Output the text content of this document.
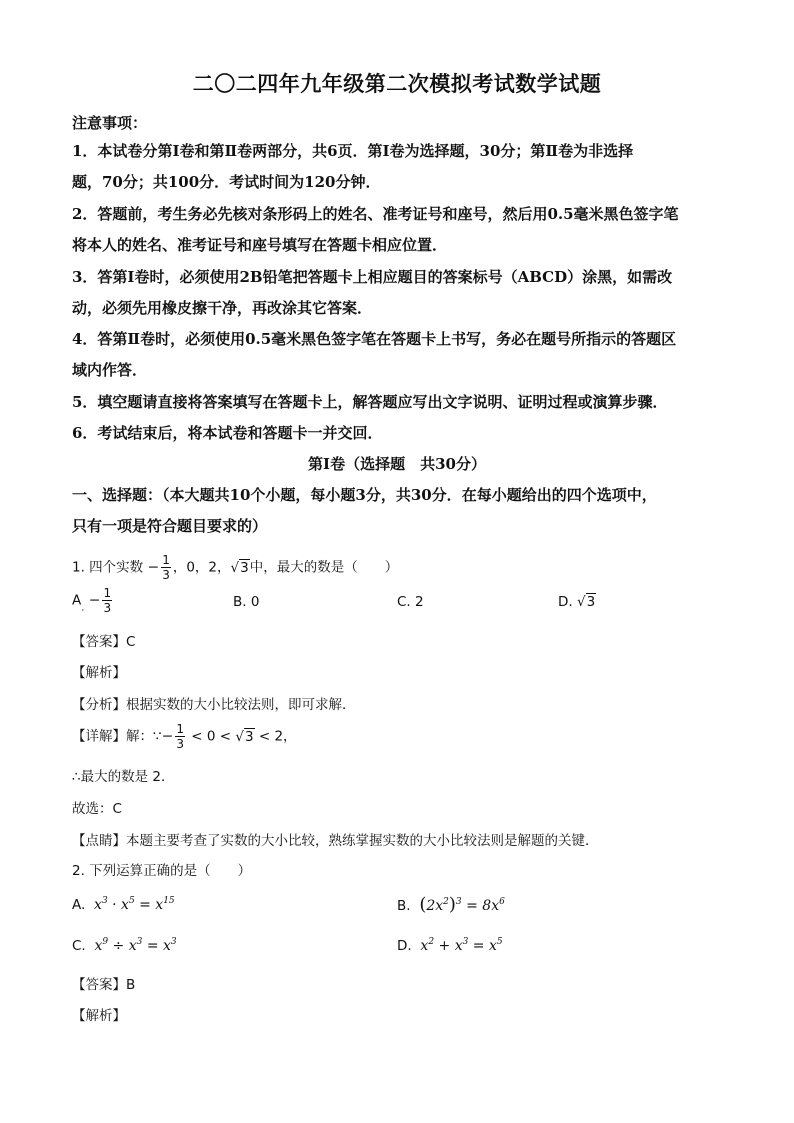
二〇二四年九年级第二次模拟考试数学试题
注意事项：
1．本试卷分第Ⅰ卷和第Ⅱ卷两部分，共6页．第Ⅰ卷为选择题，30分；第Ⅱ卷为非选择
题，70分；共100分．考试时间为120分钟．
2．答题前，考生务必先核对条形码上的姓名、准考证号和座号，然后用0.5毫米黑色签字笔
将本人的姓名、准考证号和座号填写在答题卡相应位置．
3．答第Ⅰ卷时，必须使用2B铅笔把答题卡上相应题目的答案标号（ABCD）涂黑，如需改
动，必须先用橡皮擦干净，再改涂其它答案．
4．答第Ⅱ卷时，必须使用0.5毫米黑色签字笔在答题卡上书写，务必在题号所指示的答题区
域内作答．
5．填空题请直接将答案填写在答题卡上，解答题应写出文字说明、证明过程或演算步骤．
6．考试结束后，将本试卷和答题卡一并交回．
第Ⅰ卷（选择题　共30分）
一、选择题：（本大题共10个小题，每小题3分，共30分．在每小题给出的四个选项中，
只有一项是符合题目要求的）
1. 四个实数 − $\frac{1}{3}$ ，0，2，√3中，最大的数是（　　）
$A_. - \frac{1}{3}$	B. 0	C. 2	D. √3
【答案】C
【解析】
【分析】根据实数的大小比较法则，即可求解．
【详解】解：∵− $\frac{1}{3} < 0 < √3 < 2$，
∴最大的数是 2．
故选：C
【点睛】本题主要考查了实数的大小比较，熟练掌握实数的大小比较法则是解题的关键．
2. 下列运算正确的是（　　）
A.  $x^3 \cdot x^5 = x^{15}$	B. $(2x^2)^3 = 8x^6$
C.  $x^9 \div x^3 = x^3$	D.  $x^2 + x^3 = x^5$
【答案】B
【解析】
